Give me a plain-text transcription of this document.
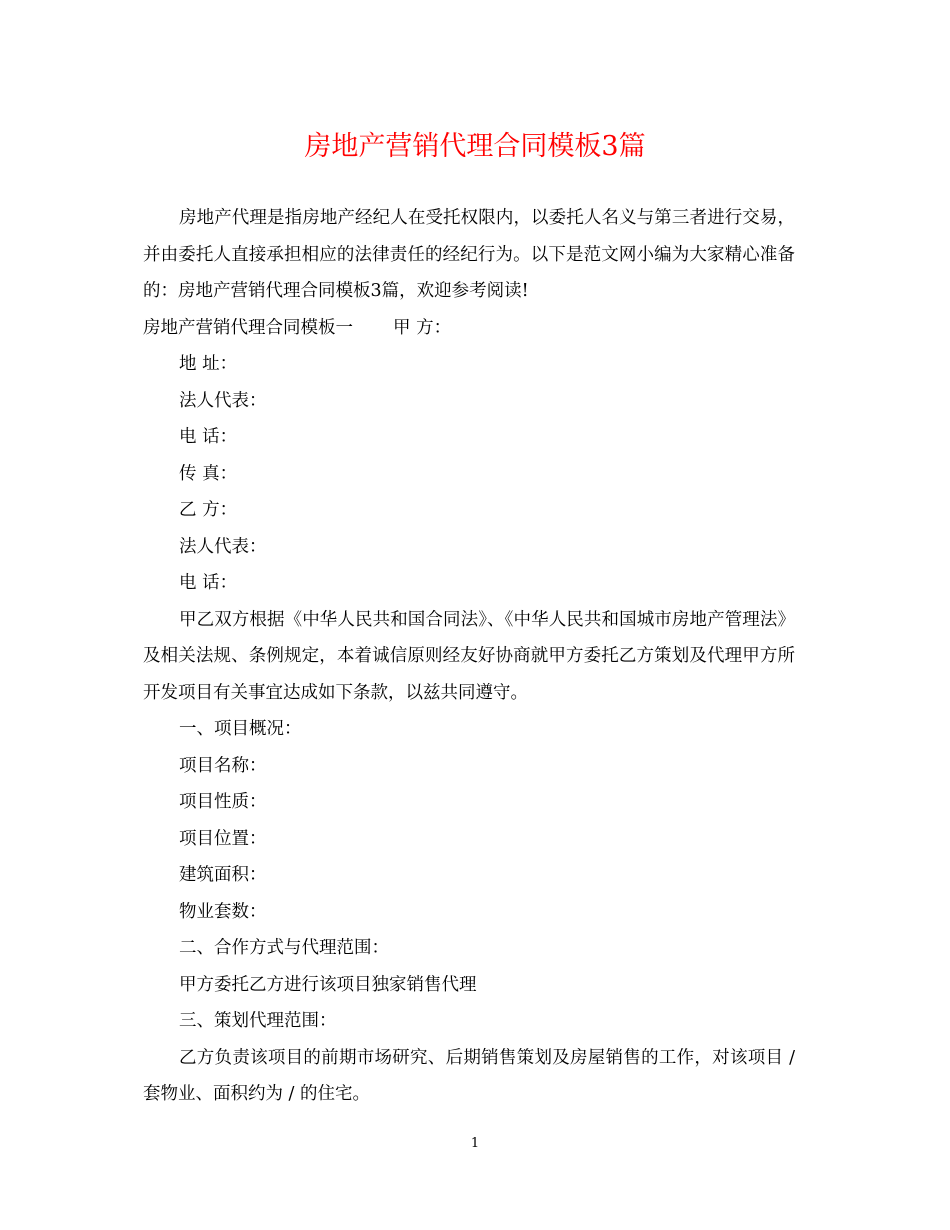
房地产营销代理合同模板3篇

房地产代理是指房地产经纪人在受托权限内，以委托人名义与第三者进行交易，并由委托人直接承担相应的法律责任的经纪行为。以下是范文网小编为大家精心准备的：房地产营销代理合同模板3篇，欢迎参考阅读!

房地产营销代理合同模板一 甲 方：

地 址：

法人代表：

电 话：

传 真：

乙 方：

法人代表：

电 话：

甲乙双方根据《中华人民共和国合同法》、《中华人民共和国城市房地产管理法》及相关法规、条例规定，本着诚信原则经友好协商就甲方委托乙方策划及代理甲方所开发项目有关事宜达成如下条款，以兹共同遵守。

一、项目概况：

项目名称：

项目性质：

项目位置：

建筑面积：

物业套数：

二、合作方式与代理范围：

甲方委托乙方进行该项目独家销售代理

三、策划代理范围：

乙方负责该项目的前期市场研究、后期销售策划及房屋销售的工作，对该项目 / 套物业、面积约为 / 的住宅。

1
